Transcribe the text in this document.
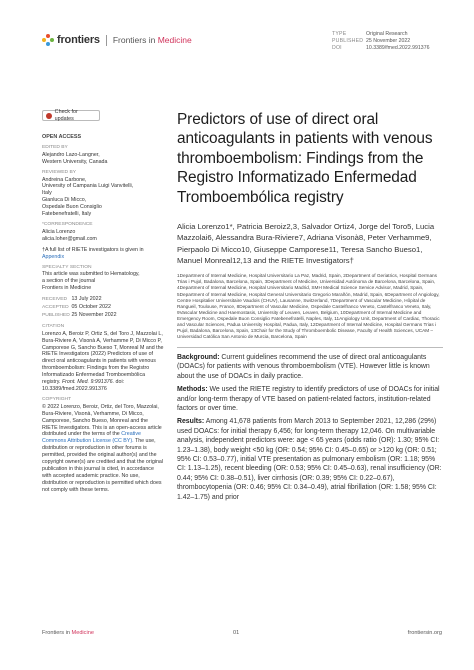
frontiers Frontiers in Medicine
TYPE	Original Research
PUBLISHED 25 November 2022
DOI	10.3389/fmed.2022.991376
Check for updates
OPEN ACCESS
EDITED BY
Alejandro Lazo-Langner,
Western University, Canada
REVIEWED BY
Andreina Carbone,
University of Campania Luigi Vanvitelli,
Italy
Gianluca Di Micco,
Ospedale Buon Consiglio
Fatebenefratelli, Italy
*CORRESPONDENCE
Alicia Lorenzo
alicia.loher@gmail.com
†A full list of RIETE investigators is given in Appendix
SPECIALTY SECTION
This article was submitted to Hematology,
a section of the journal
Frontiers in Medicine
RECEIVED 13 July 2022
ACCEPTED 05 October 2022
PUBLISHED 25 November 2022
CITATION
Lorenzo A, Beroiz P, Ortiz S, del Toro J, Mazzolai L, Bura-Riviere A, Visonà A, Verhamme P, Di Micco P, Camporese G, Sancho Bueso T, Monreal M and the RIETE Investigators (2022) Predictors of use of direct oral anticoagulants in patients with venous thromboembolism: Findings from the Registro Informatizado Enfermedad Tromboembólica registry. Front. Med. 9:991376. doi: 10.3389/fmed.2022.991376
COPYRIGHT
© 2022 Lorenzo, Beroiz, Ortiz, del Toro, Mazzolai, Bura-Riviere, Visonà, Verhamme, Di Micco, Camporese, Sancho Bueso, Monreal and the RIETE Investigators. This is an open-access article distributed under the terms of the Creative Commons Attribution License (CC BY). The use, distribution or reproduction in other forums is permitted, provided the original author(s) and the copyright owner(s) are credited and that the original publication in this journal is cited, in accordance with accepted academic practice. No use, distribution or reproduction is permitted which does not comply with these terms.
Predictors of use of direct oral anticoagulants in patients with venous thromboembolism: Findings from the Registro Informatizado Enfermedad Tromboembólica registry
Alicia Lorenzo1*, Patricia Beroiz2,3, Salvador Ortiz4, Jorge del Toro5, Lucia Mazzolai6, Alessandra Bura-Riviere7, Adriana Visonà8, Peter Verhamme9, Pierpaolo Di Micco10, Giuseppe Camporese11, Teresa Sancho Bueso1, Manuel Monreal12,13 and the RIETE Investigators†
1Department of Internal Medicine, Hospital Universitario La Paz, Madrid, Spain, 2Department of Geriatrics, Hospital Germans Trias i Pujol, Badalona, Barcelona, Spain, 3Department of Medicine, Universidad Autónoma de Barcelona, Barcelona, Spain, 4Department of Internal Medicine, Hospital Universitario Madrid, SMH Medical Science Service Advisor, Madrid, Spain, 5Department of Internal Medicine, Hospital General Universitario Gregorio Marañón, Madrid, Spain, 6Department of Angiology, Centre Hospitalier Universitaire Vaudois (CHUV), Lausanne, Switzerland, 7Department of Vascular Medicine, Hôpital de Rangueil, Toulouse, France, 8Department of Vascular Medicine, Ospedale Castelfranco Veneto, Castelfranco Veneto, Italy, 9Vascular Medicine and Haemostasis, University of Leuven, Leuven, Belgium, 10Department of Internal Medicine and Emergency Room, Ospedale Buon Consiglio Fatebenefratelli, Naples, Italy, 11Angiology Unit, Department of Cardiac, Thoracic and Vascular Sciences, Padua University Hospital, Padua, Italy, 12Department of Internal Medicine, Hospital Germans Trias i Pujol, Badalona, Barcelona, Spain, 13Chair for the Study of Thromboembolic Disease, Faculty of Health Sciences, UCAM – Universidad Católica San Antonio de Murcia, Barcelona, Spain

Background: Current guidelines recommend the use of direct oral anticoagulants (DOACs) for patients with venous thromboembolism (VTE). However little is known about the use of DOACs in daily practice.

Methods: We used the RIETE registry to identify predictors of use of DOACs for initial and/or long-term therapy of VTE based on patient-related factors, institution-related factors or over time.

Results: Among 41,678 patients from March 2013 to September 2021, 12,286 (29%) used DOACs: for initial therapy 6,456; for long-term therapy 12,046. On multivariable analysis, independent predictors were: age < 65 years (odds ratio (OR): 1.30; 95% CI: 1.23–1.38), body weight <50 kg (OR: 0.54; 95% CI: 0.45–0.65) or >120 kg (OR: 0.51; 95% CI: 0.53–0.77), initial VTE presentation as pulmonary embolism (OR: 1.18; 95% CI: 1.13–1.25), recent bleeding (OR: 0.53; 95% CI: 0.45–0.63), renal insufficiency (OR: 0.44; 95% CI: 0.38–0.51), liver cirrhosis (OR: 0.39; 95% CI: 0.22–0.67), thrombocytopenia (OR: 0.46; 95% CI: 0.34–0.49), atrial fibrillation (OR: 1.58; 95% CI: 1.42–1.75) and prior

Frontiers in Medicine	01	frontiersin.org
